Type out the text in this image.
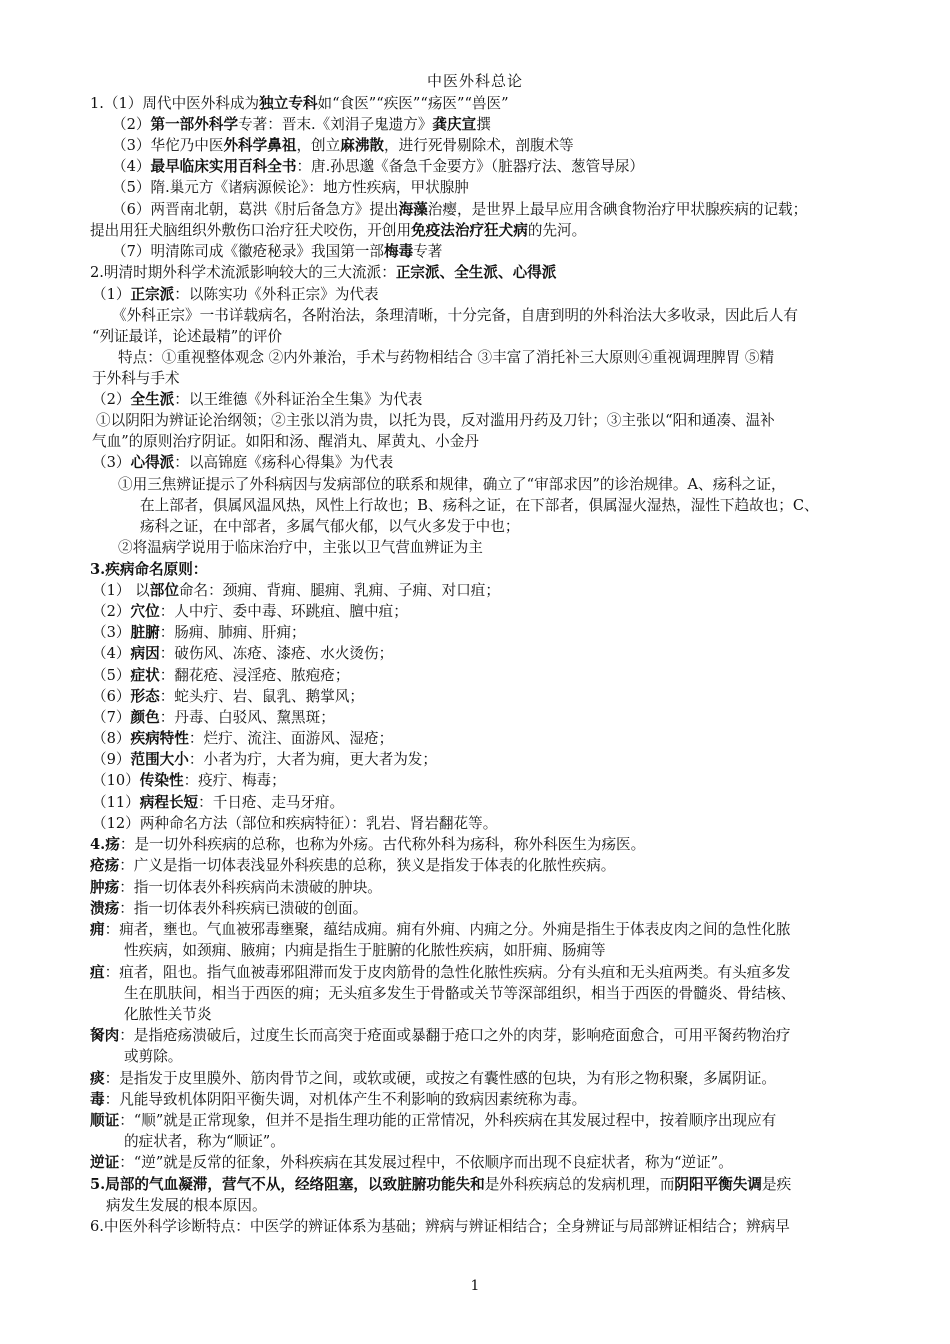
中医外科总论
1.（1）周代中医外科成为独立专科如“食医”“疾医”“疡医”“兽医”
（2）第一部外科学专著：晋末.《刘涓子鬼遗方》龚庆宣撰
（3）华佗乃中医外科学鼻祖，创立麻沸散，进行死骨剔除术，剖腹术等
（4）最早临床实用百科全书：唐.孙思邈《备急千金要方》（脏器疗法、葱管导尿）
（5）隋.巢元方《诸病源候论》：地方性疾病，甲状腺肿
（6）两晋南北朝，葛洪《肘后备急方》提出海藻治瘿，是世界上最早应用含碘食物治疗甲状腺疾病的记载；
提出用狂犬脑组织外敷伤口治疗狂犬咬伤，开创用免疫法治疗狂犬病的先河。
（7）明清陈司成《徽疮秘录》我国第一部梅毒专著
2.明清时期外科学术流派影响较大的三大流派：正宗派、全生派、心得派
（1）正宗派：以陈实功《外科正宗》为代表
《外科正宗》一书详载病名，各附治法，条理清晰，十分完备，自唐到明的外科治法大多收录，因此后人有
“列证最详，论述最精”的评价
特点：①重视整体观念 ②内外兼治，手术与药物相结合 ③丰富了消托补三大原则④重视调理脾胃 ⑤精
于外科与手术
（2）全生派：以王维德《外科证治全生集》为代表
①以阴阳为辨证论治纲领；②主张以消为贵，以托为畏，反对滥用丹药及刀针；③主张以“阳和通凑、温补
气血”的原则治疗阴证。如阳和汤、醒消丸、犀黄丸、小金丹
（3）心得派：以高锦庭《疡科心得集》为代表
①用三焦辨证提示了外科病因与发病部位的联系和规律，确立了“审部求因”的诊治规律。A、疡科之证，
在上部者，俱属风温风热，风性上行故也；B、疡科之证，在下部者，俱属湿火湿热，湿性下趋故也；C、
疡科之证，在中部者，多属气郁火郁，以气火多发于中也；
②将温病学说用于临床治疗中，主张以卫气营血辨证为主
3.疾病命名原则：
（1） 以部位命名：颈痈、背痈、腿痈、乳痈、子痈、对口疽；
（2）穴位：人中疔、委中毒、环跳疽、膻中疽；
（3）脏腑：肠痈、肺痈、肝痈；
（4）病因：破伤风、冻疮、漆疮、水火烫伤；
（5）症状：翻花疮、浸淫疮、脓疱疮；
（6）形态：蛇头疔、岩、鼠乳、鹅掌风；
（7）颜色：丹毒、白驳风、黧黑斑；
（8）疾病特性：烂疔、流注、面游风、湿疮；
（9）范围大小：小者为疔，大者为痈，更大者为发；
（10）传染性：疫疔、梅毒；
（11）病程长短：千日疮、走马牙疳。
（12）两种命名方法（部位和疾病特征）：乳岩、肾岩翻花等。
4.疡：是一切外科疾病的总称，也称为外疡。古代称外科为疡科，称外科医生为疡医。
疮疡：广义是指一切体表浅显外科疾患的总称，狭义是指发于体表的化脓性疾病。
肿疡：指一切体表外科疾病尚未溃破的肿块。
溃疡：指一切体表外科疾病已溃破的创面。
痈：痈者，壅也。气血被邪毒壅聚，蕴结成痈。痈有外痈、内痈之分。外痈是指生于体表皮肉之间的急性化脓
性疾病，如颈痈、腋痈；内痈是指生于脏腑的化脓性疾病，如肝痈、肠痈等
疽：疽者，阻也。指气血被毒邪阻滞而发于皮肉筋骨的急性化脓性疾病。分有头疽和无头疽两类。有头疽多发
生在肌肤间，相当于西医的痈；无头疽多发生于骨骼或关节等深部组织，相当于西医的骨髓炎、骨结核、
化脓性关节炎
胬肉：是指疮疡溃破后，过度生长而高突于疮面或暴翻于疮口之外的肉芽，影响疮面愈合，可用平胬药物治疗
或剪除。
痰：是指发于皮里膜外、筋肉骨节之间，或软或硬，或按之有囊性感的包块，为有形之物积聚，多属阴证。
毒：凡能导致机体阴阳平衡失调，对机体产生不利影响的致病因素统称为毒。
顺证：“顺”就是正常现象，但并不是指生理功能的正常情况，外科疾病在其发展过程中，按着顺序出现应有
的症状者，称为“顺证”。
逆证：“逆”就是反常的征象，外科疾病在其发展过程中，不依顺序而出现不良症状者，称为“逆证”。
5.局部的气血凝滞，营气不从，经络阻塞，以致脏腑功能失和是外科疾病总的发病机理，而阴阳平衡失调是疾
病发生发展的根本原因。
6.中医外科学诊断特点：中医学的辨证体系为基础；辨病与辨证相结合；全身辨证与局部辨证相结合；辨病早
1
